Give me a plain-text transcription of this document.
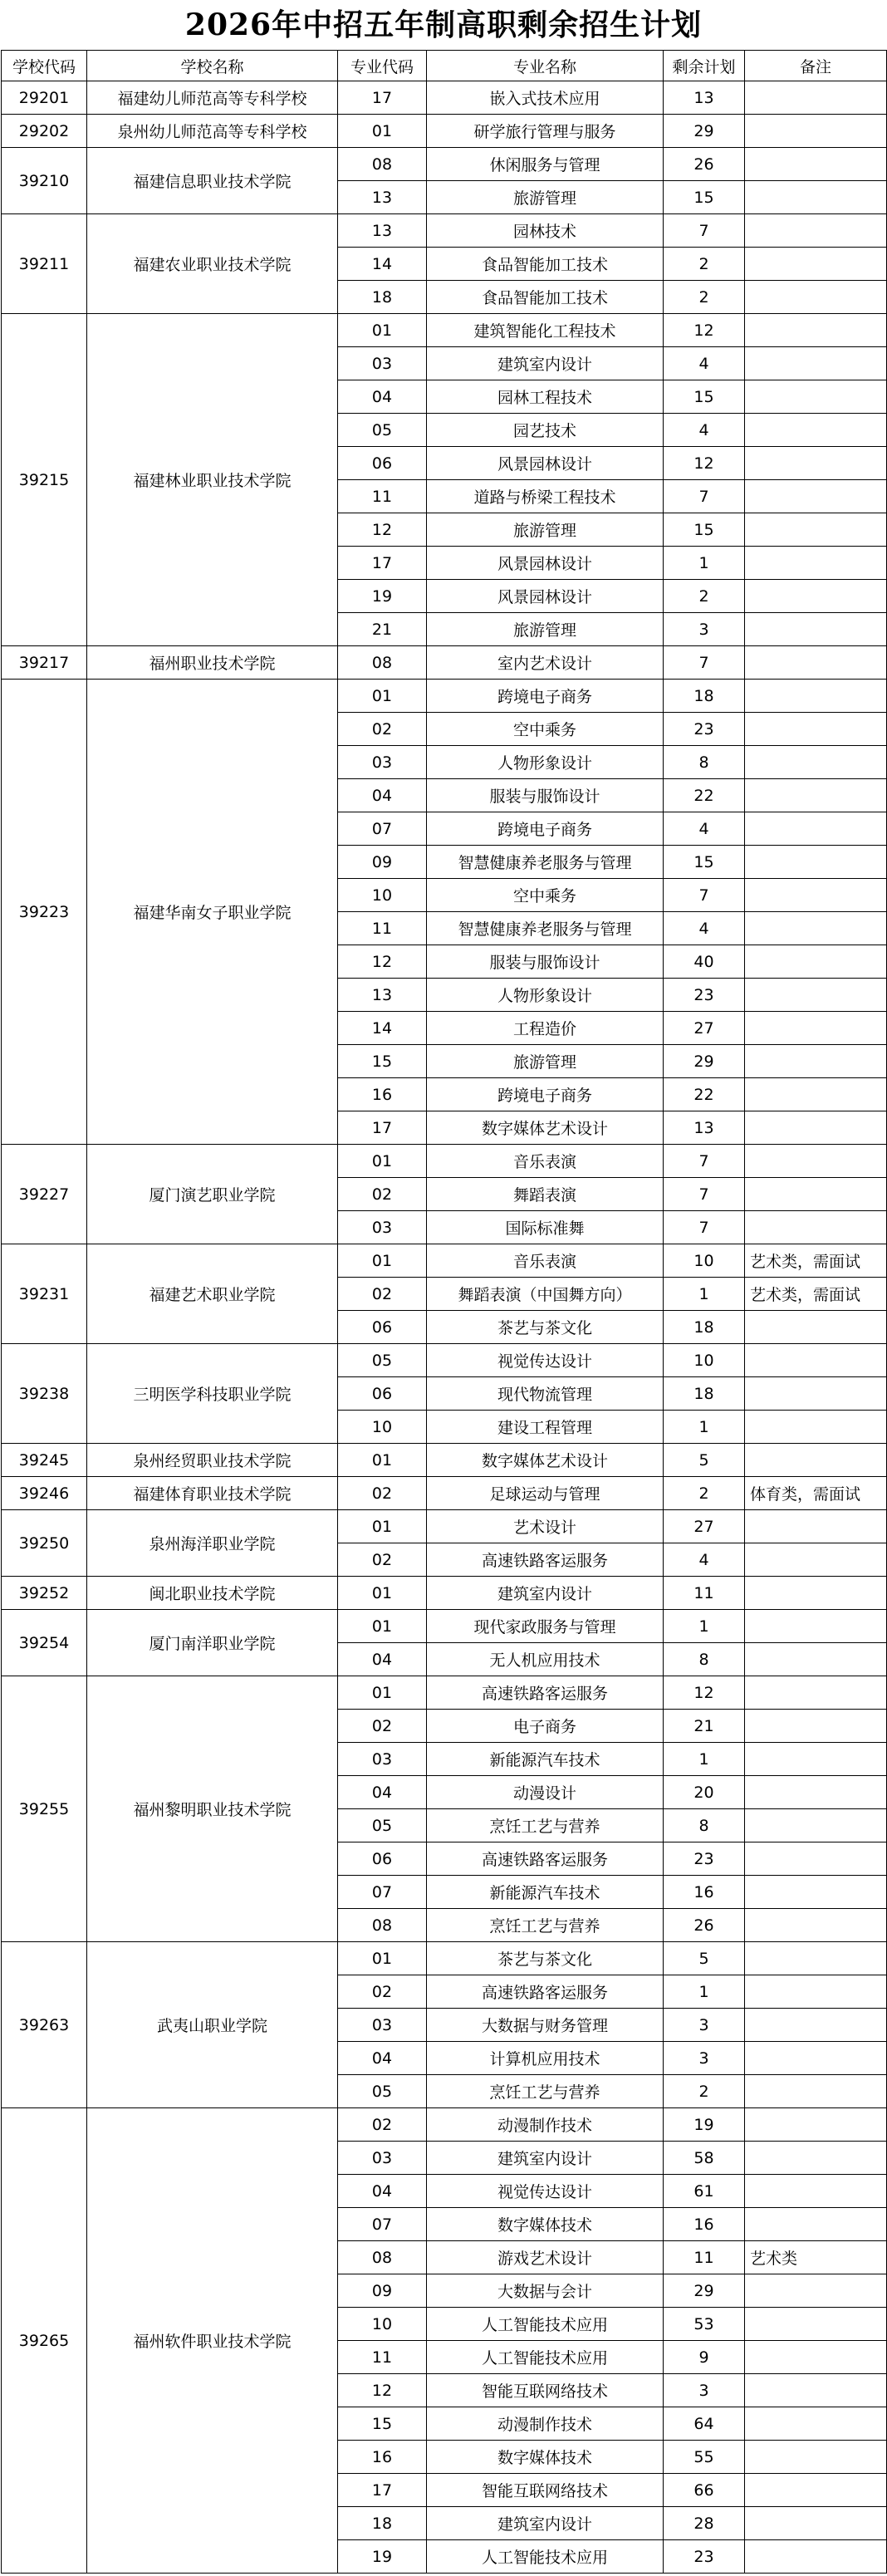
2026年中招五年制高职剩余招生计划
学校代码	学校名称	专业代码	专业名称	剩余计划	备注
29201	福建幼儿师范高等专科学校	17	嵌入式技术应用	13	
29202	泉州幼儿师范高等专科学校	01	研学旅行管理与服务	29	
39210	福建信息职业技术学院	08	休闲服务与管理	26	
		13	旅游管理	15	
39211	福建农业职业技术学院	13	园林技术	7	
		14	食品智能加工技术	2	
		18	食品智能加工技术	2	
39215	福建林业职业技术学院	01	建筑智能化工程技术	12	
		03	建筑室内设计	4	
		04	园林工程技术	15	
		05	园艺技术	4	
		06	风景园林设计	12	
		11	道路与桥梁工程技术	7	
		12	旅游管理	15	
		17	风景园林设计	1	
		19	风景园林设计	2	
		21	旅游管理	3	
39217	福州职业技术学院	08	室内艺术设计	7	
39223	福建华南女子职业学院	01	跨境电子商务	18	
		02	空中乘务	23	
		03	人物形象设计	8	
		04	服装与服饰设计	22	
		07	跨境电子商务	4	
		09	智慧健康养老服务与管理	15	
		10	空中乘务	7	
		11	智慧健康养老服务与管理	4	
		12	服装与服饰设计	40	
		13	人物形象设计	23	
		14	工程造价	27	
		15	旅游管理	29	
		16	跨境电子商务	22	
		17	数字媒体艺术设计	13	
39227	厦门演艺职业学院	01	音乐表演	7	
		02	舞蹈表演	7	
		03	国际标准舞	7	
39231	福建艺术职业学院	01	音乐表演	10	艺术类，需面试
		02	舞蹈表演（中国舞方向）	1	艺术类，需面试
		06	茶艺与茶文化	18	
39238	三明医学科技职业学院	05	视觉传达设计	10	
		06	现代物流管理	18	
		10	建设工程管理	1	
39245	泉州经贸职业技术学院	01	数字媒体艺术设计	5	
39246	福建体育职业技术学院	02	足球运动与管理	2	体育类，需面试
39250	泉州海洋职业学院	01	艺术设计	27	
		02	高速铁路客运服务	4	
39252	闽北职业技术学院	01	建筑室内设计	11	
39254	厦门南洋职业学院	01	现代家政服务与管理	1	
		04	无人机应用技术	8	
39255	福州黎明职业技术学院	01	高速铁路客运服务	12	
		02	电子商务	21	
		03	新能源汽车技术	1	
		04	动漫设计	20	
		05	烹饪工艺与营养	8	
		06	高速铁路客运服务	23	
		07	新能源汽车技术	16	
		08	烹饪工艺与营养	26	
39263	武夷山职业学院	01	茶艺与茶文化	5	
		02	高速铁路客运服务	1	
		03	大数据与财务管理	3	
		04	计算机应用技术	3	
		05	烹饪工艺与营养	2	
39265	福州软件职业技术学院	02	动漫制作技术	19	
		03	建筑室内设计	58	
		04	视觉传达设计	61	
		07	数字媒体技术	16	
		08	游戏艺术设计	11	艺术类
		09	大数据与会计	29	
		10	人工智能技术应用	53	
		11	人工智能技术应用	9	
		12	智能互联网络技术	3	
		15	动漫制作技术	64	
		16	数字媒体技术	55	
		17	智能互联网络技术	66	
		18	建筑室内设计	28	
		19	人工智能技术应用	23	
